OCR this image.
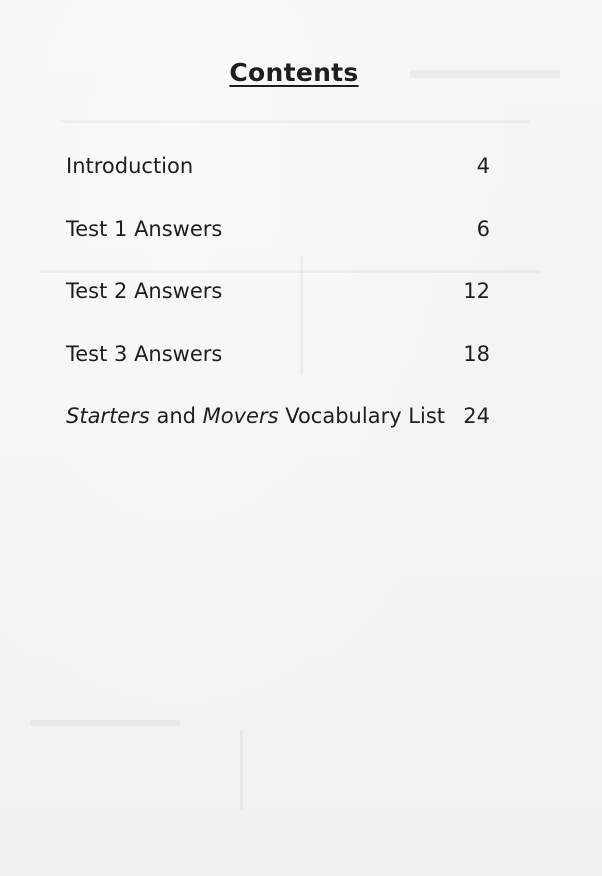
Contents
Introduction	4
Test 1 Answers	6
Test 2 Answers	12
Test 3 Answers	18
Starters and Movers Vocabulary List 24
